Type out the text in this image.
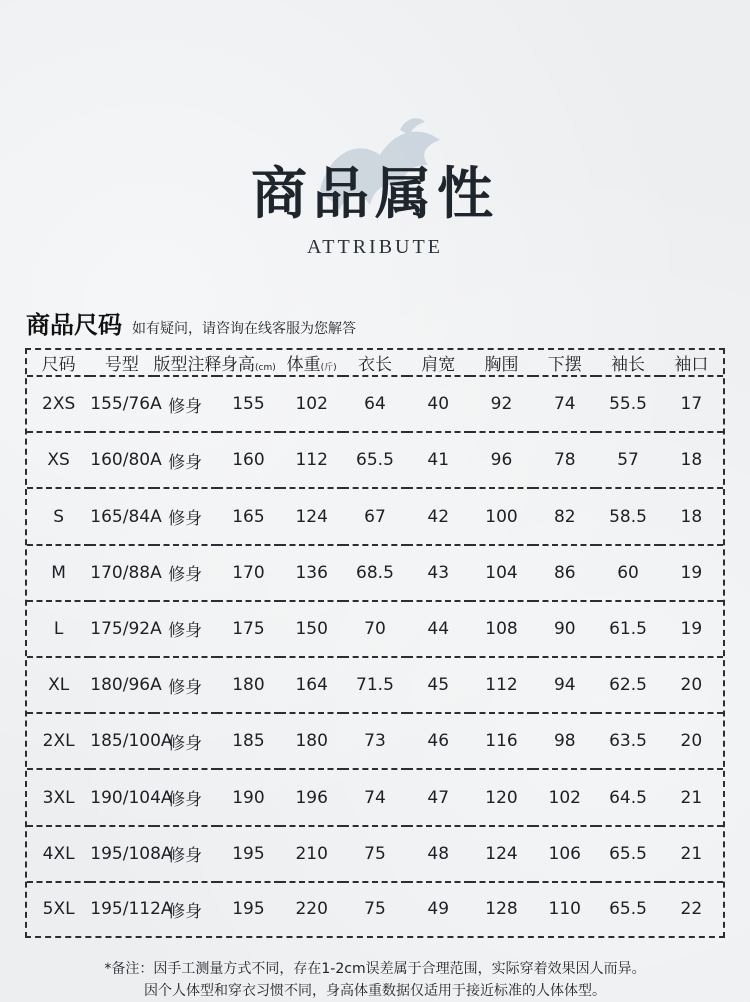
商品属性
ATTRIBUTE
商品尺码 如有疑问，请咨询在线客服为您解答
尺码	号型	版型注释	身高(cm)	体重(斤)	衣长	肩宽	胸围	下摆	袖长	袖口
2XS	155/76A	修身	155	102	64	40	92	74	55.5	17
XS	160/80A	修身	160	112	65.5	41	96	78	57	18
S	165/84A	修身	165	124	67	42	100	82	58.5	18
M	170/88A	修身	170	136	68.5	43	104	86	60	19
L	175/92A	修身	175	150	70	44	108	90	61.5	19
XL	180/96A	修身	180	164	71.5	45	112	94	62.5	20
2XL	185/100A	修身	185	180	73	46	116	98	63.5	20
3XL	190/104A	修身	190	196	74	47	120	102	64.5	21
4XL	195/108A	修身	195	210	75	48	124	106	65.5	21
5XL	195/112A	修身	195	220	75	49	128	110	65.5	22
*备注：因手工测量方式不同，存在1-2cm误差属于合理范围，实际穿着效果因人而异。
因个人体型和穿衣习惯不同，身高体重数据仅适用于接近标准的人体体型。
